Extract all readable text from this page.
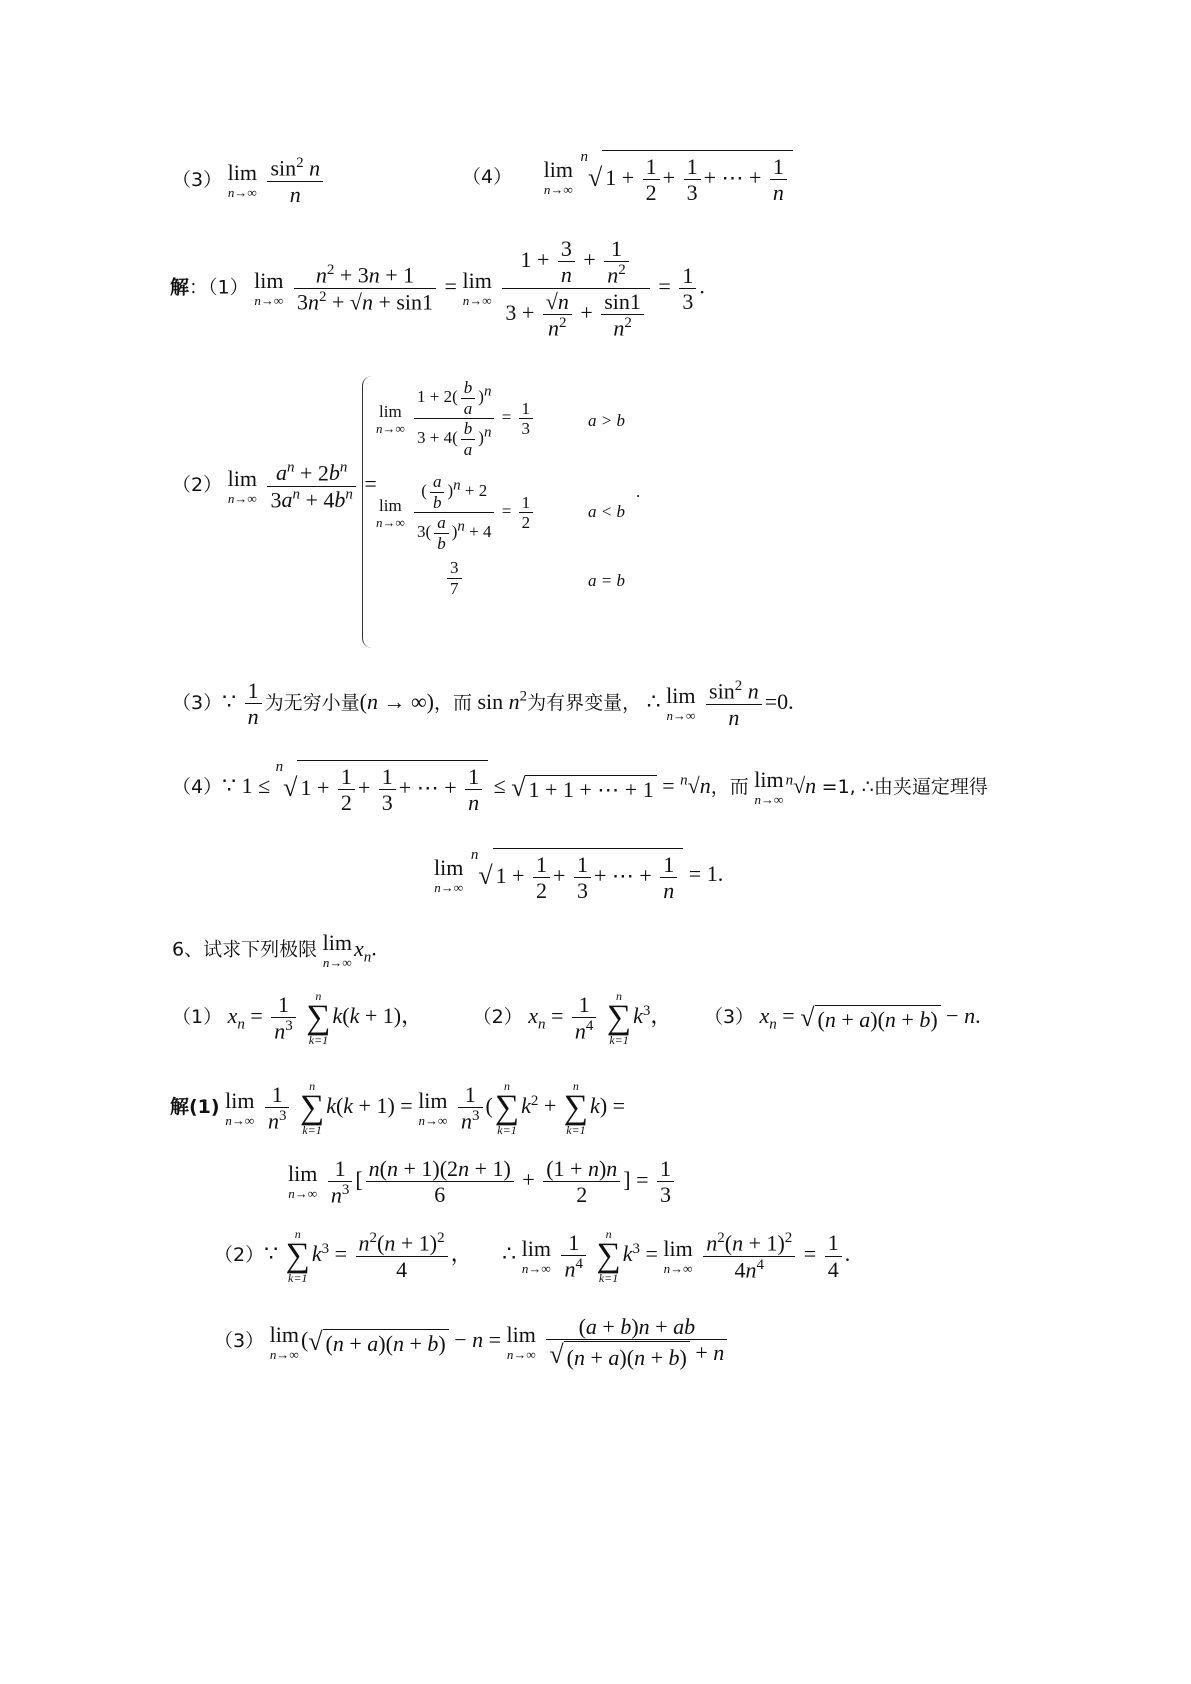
（3） lim
n→∞
$\frac{\sin^2 n}{n}$	（4） lim
n→∞
$^n$√ $1 + \frac{1}{2} + \frac{1}{3}$ + ⋯ + $\frac{1}{n}$
解：（1） lim
n→∞
$\frac{n^2 + 3n + 1}{3n^2 + √n + \sin 1} = \lim$
n→∞
$\frac{1 + \frac{3}{n} + \frac{1}{n^2}}{3 + \frac{√n}{n^2} + \frac{\sin 1}{n^2}} = \frac{1}{3}$ .
（2） lim
n→∞
$\frac{a^n + 2b^n}{3a^n + 4b^n}$ =
lim
n→∞
$\frac{1 + 2( \frac{b}{a} )^n}{3 + 4( \frac{b}{a} )^n} = \frac{1}{3}$	a > b
lim
n→∞
$\frac{( \frac{a}{b} )^n + 2}{3( \frac{a}{b} )^n + 4} = \frac{1}{2}$	a < b
.
$\frac{3}{7}$	a = b
（3）∵ $\frac{1}{n}$ 为无穷小量(n → ∞)，而 $\sin n^2$为有界变量， ∴ lim
n→∞
$\frac{\sin^2 n}{n} =0$.
（4）∵ 1 ≤ $^n$√ $1 + \frac{1}{2} + \frac{1}{3}$ + ⋯ + $\frac{1}{n}$ ≤ √ 1 + 1 + ⋯ + 1 = $^n$√n，而 lim
n→∞
$^n$√n =1, ∴由夹逼定理得
lim
n→∞
$^n$√ $1 + \frac{1}{2} + \frac{1}{3}$ + ⋯ + $\frac{1}{n} = 1$.
6、试求下列极限 lim
n→∞
$x_n$.
（1） $x_n = \frac{1}{n^3}$
	n
∑
k=1
k(k + 1)， （2） $x_n = \frac{1}{n^4}$
	n
∑
k=1
$k^3$， （3） $x_n$ = √ (n + a)(n + b) − n.
解(1) lim
n→∞
$\frac{1}{n^3}$
	n
∑
k=1
k(k + 1) = lim
n→∞
$\frac{1}{n^3}$ (
n
∑
k=1
$k^2$ +
n
∑
k=1
k) =
lim
n→∞
$\frac{1}{n^3}$ [ $\frac{n(n + 1)(2n + 1)}{6} + \frac{(1 + n)n}{2}$ ] = $\frac{1}{3}$
（2）∵
n
∑
k=1
$k^3 = \frac{n^2(n + 1)^2}{4}$ ， ∴ lim
n→∞
$\frac{1}{n^4}$
	n
∑
k=1
$k^3 = \lim$
n→∞
$\frac{n^2(n + 1)^2}{4n^4} = \frac{1}{4}$ .
（3） lim
n→∞
(√ (n + a)(n + b) − n = lim
n→∞
$\frac{(a + b)n + ab}{√ (n + a)(n + b) + n}$
